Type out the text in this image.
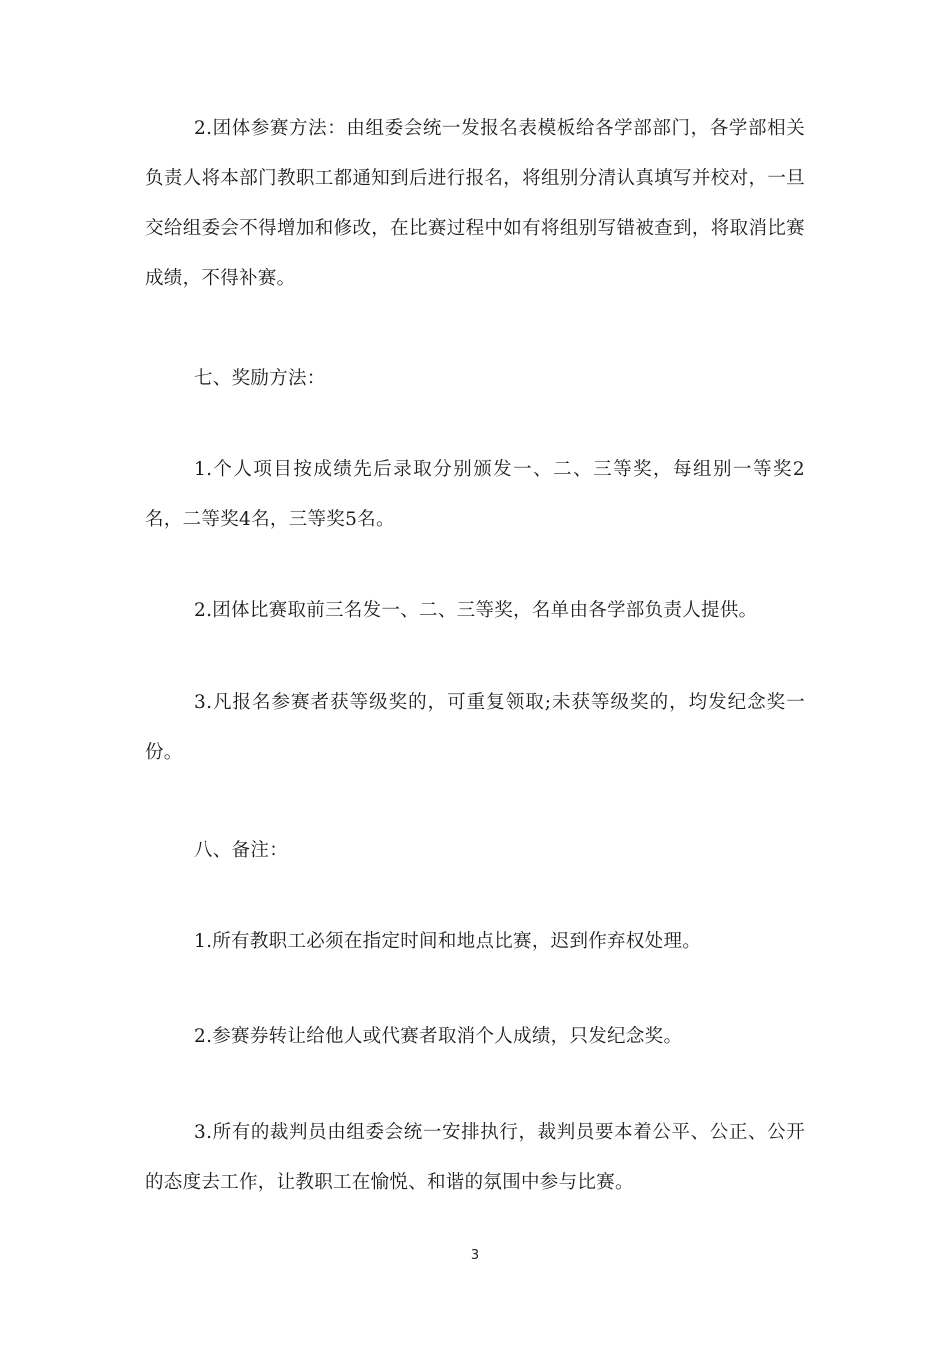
2.团体参赛方法：由组委会统一发报名表模板给各学部部门，各学部相关负责人将本部门教职工都通知到后进行报名，将组别分清认真填写并校对，一旦交给组委会不得增加和修改，在比赛过程中如有将组别写错被查到，将取消比赛成绩，不得补赛。

七、奖励方法：

1.个人项目按成绩先后录取分别颁发一、二、三等奖，每组别一等奖2名，二等奖4名，三等奖5名。

2.团体比赛取前三名发一、二、三等奖，名单由各学部负责人提供。

3.凡报名参赛者获等级奖的，可重复领取;未获等级奖的，均发纪念奖一份。

八、备注：

1.所有教职工必须在指定时间和地点比赛，迟到作弃权处理。

2.参赛券转让给他人或代赛者取消个人成绩，只发纪念奖。

3.所有的裁判员由组委会统一安排执行，裁判员要本着公平、公正、公开的态度去工作，让教职工在愉悦、和谐的氛围中参与比赛。

3
